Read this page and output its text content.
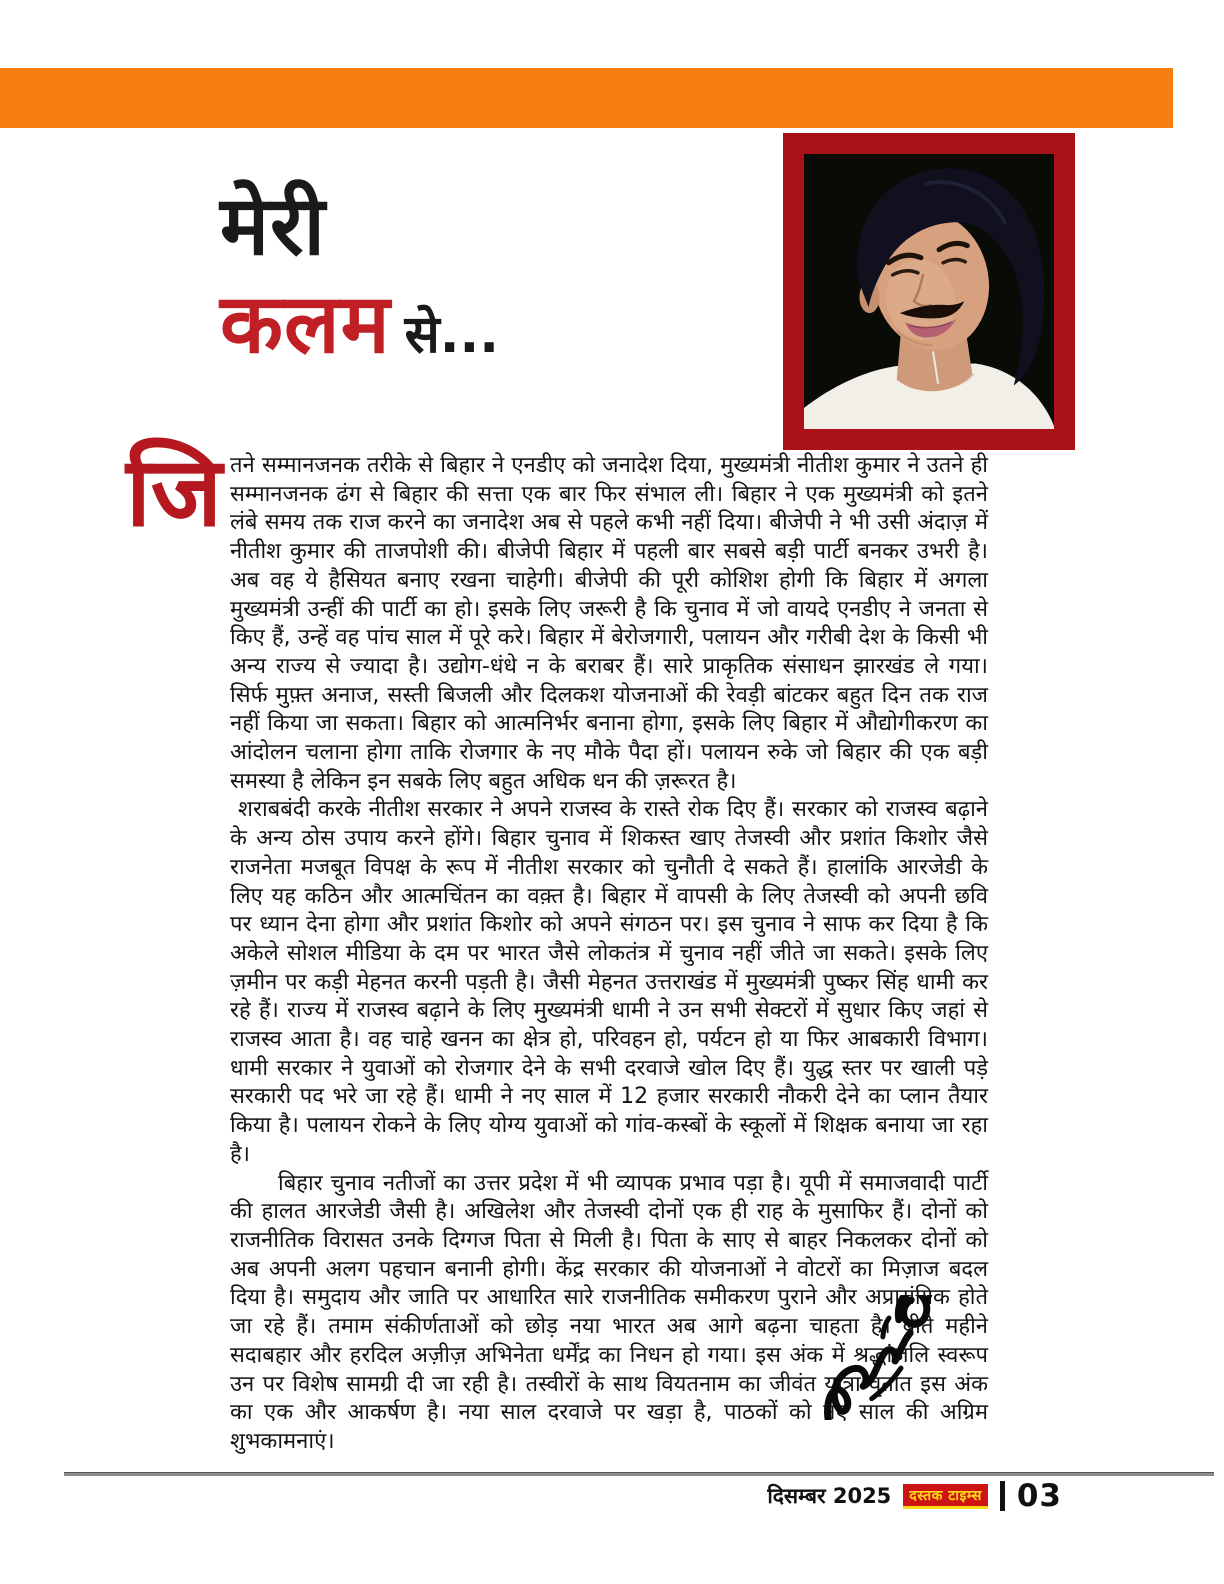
मेरी
कलम से...
जि तने सम्मानजनक तरीके से बिहार ने एनडीए को जनादेश दिया, मुख्यमंत्री नीतीश कुमार ने उतने ही सम्मानजनक ढंग से बिहार की सत्ता एक बार फिर संभाल ली। बिहार ने एक मुख्यमंत्री को इतने लंबे समय तक राज करने का जनादेश अब से पहले कभी नहीं दिया। बीजेपी ने भी उसी अंदाज़ में नीतीश कुमार की ताजपोशी की। बीजेपी बिहार में पहली बार सबसे बड़ी पार्टी बनकर उभरी है। अब वह ये हैसियत बनाए रखना चाहेगी। बीजेपी की पूरी कोशिश होगी कि बिहार में अगला मुख्यमंत्री उन्हीं की पार्टी का हो। इसके लिए जरूरी है कि चुनाव में जो वायदे एनडीए ने जनता से किए हैं, उन्हें वह पांच साल में पूरे करे। बिहार में बेरोजगारी, पलायन और गरीबी देश के किसी भी अन्य राज्य से ज्यादा है। उद्योग-धंधे न के बराबर हैं। सारे प्राकृतिक संसाधन झारखंड ले गया। सिर्फ मुफ़्त अनाज, सस्ती बिजली और दिलकश योजनाओं की रेवड़ी बांटकर बहुत दिन तक राज नहीं किया जा सकता। बिहार को आत्मनिर्भर बनाना होगा, इसके लिए बिहार में औद्योगीकरण का आंदोलन चलाना होगा ताकि रोजगार के नए मौके पैदा हों। पलायन रुके जो बिहार की एक बड़ी समस्या है लेकिन इन सबके लिए बहुत अधिक धन की ज़रूरत है।

शराबबंदी करके नीतीश सरकार ने अपने राजस्व के रास्ते रोक दिए हैं। सरकार को राजस्व बढ़ाने के अन्य ठोस उपाय करने होंगे। बिहार चुनाव में शिकस्त खाए तेजस्वी और प्रशांत किशोर जैसे राजनेता मजबूत विपक्ष के रूप में नीतीश सरकार को चुनौती दे सकते हैं। हालांकि आरजेडी के लिए यह कठिन और आत्मचिंतन का वक़्त है। बिहार में वापसी के लिए तेजस्वी को अपनी छवि पर ध्यान देना होगा और प्रशांत किशोर को अपने संगठन पर। इस चुनाव ने साफ कर दिया है कि अकेले सोशल मीडिया के दम पर भारत जैसे लोकतंत्र में चुनाव नहीं जीते जा सकते। इसके लिए ज़मीन पर कड़ी मेहनत करनी पड़ती है। जैसी मेहनत उत्तराखंड में मुख्यमंत्री पुष्कर सिंह धामी कर रहे हैं। राज्य में राजस्व बढ़ाने के लिए मुख्यमंत्री धामी ने उन सभी सेक्टरों में सुधार किए जहां से राजस्व आता है। वह चाहे खनन का क्षेत्र हो, परिवहन हो, पर्यटन हो या फिर आबकारी विभाग। धामी सरकार ने युवाओं को रोजगार देने के सभी दरवाजे खोल दिए हैं। युद्ध स्तर पर खाली पड़े सरकारी पद भरे जा रहे हैं। धामी ने नए साल में 12 हजार सरकारी नौकरी देने का प्लान तैयार किया है। पलायन रोकने के लिए योग्य युवाओं को गांव-कस्बों के स्कूलों में शिक्षक बनाया जा रहा है।

बिहार चुनाव नतीजों का उत्तर प्रदेश में भी व्यापक प्रभाव पड़ा है। यूपी में समाजवादी पार्टी की हालत आरजेडी जैसी है। अखिलेश और तेजस्वी दोनों एक ही राह के मुसाफिर हैं। दोनों को राजनीतिक विरासत उनके दिग्गज पिता से मिली है। पिता के साए से बाहर निकलकर दोनों को अब अपनी अलग पहचान बनानी होगी। केंद्र सरकार की योजनाओं ने वोटरों का मिज़ाज बदल दिया है। समुदाय और जाति पर आधारित सारे राजनीतिक समीकरण पुराने और अप्रासंगिक होते जा रहे हैं। तमाम संकीर्णताओं को छोड़ नया भारत अब आगे बढ़ना चाहता है। बीते महीने सदाबहार और हरदिल अज़ीज़ अभिनेता धर्मेंद्र का निधन हो गया। इस अंक में श्रद्धांजलि स्वरूप उन पर विशेष सामग्री दी जा रही है। तस्वीरों के साथ वियतनाम का जीवंत यात्रा वृतांत इस अंक का एक और आकर्षण है। नया साल दरवाजे पर खड़ा है, पाठकों को नए साल की अग्रिम शुभकामनाएं।

दिसम्बर 2025	दस्तक टाइम्स 03
